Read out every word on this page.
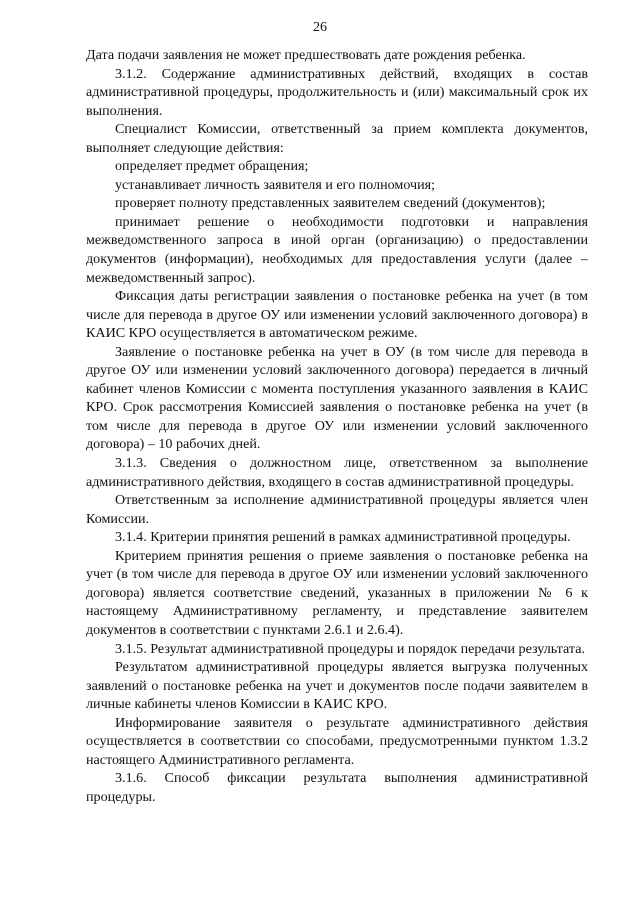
26

Дата подачи заявления не может предшествовать дате рождения ребенка.

3.1.2. Содержание административных действий, входящих в состав административной процедуры, продолжительность и (или) максимальный срок их выполнения.

Специалист Комиссии, ответственный за прием комплекта документов, выполняет следующие действия:

определяет предмет обращения;

устанавливает личность заявителя и его полномочия;

проверяет полноту представленных заявителем сведений (документов);

принимает решение о необходимости подготовки и направления межведомственного запроса в иной орган (организацию) о предоставлении документов (информации), необходимых для предоставления услуги (далее – межведомственный запрос).

Фиксация даты регистрации заявления о постановке ребенка на учет (в том числе для перевода в другое ОУ или изменении условий заключенного договора) в КАИС КРО осуществляется в автоматическом режиме.

Заявление о постановке ребенка на учет в ОУ (в том числе для перевода в другое ОУ или изменении условий заключенного договора) передается в личный кабинет членов Комиссии с момента поступления указанного заявления в КАИС КРО. Срок рассмотрения Комиссией заявления о постановке ребенка на учет (в том числе для перевода в другое ОУ или изменении условий заключенного договора) – 10 рабочих дней.

3.1.3. Сведения о должностном лице, ответственном за выполнение административного действия, входящего в состав административной процедуры.

Ответственным за исполнение административной процедуры является член Комиссии.

3.1.4. Критерии принятия решений в рамках административной процедуры.

Критерием принятия решения о приеме заявления о постановке ребенка на учет (в том числе для перевода в другое ОУ или изменении условий заключенного договора) является соответствие сведений, указанных в приложении № 6 к настоящему Административному регламенту, и представление заявителем документов в соответствии с пунктами 2.6.1 и 2.6.4).

3.1.5. Результат административной процедуры и порядок передачи результата.

Результатом административной процедуры является выгрузка полученных заявлений о постановке ребенка на учет и документов после подачи заявителем в личные кабинеты членов Комиссии в КАИС КРО.

Информирование заявителя о результате административного действия осуществляется в соответствии со способами, предусмотренными пунктом 1.3.2 настоящего Административного регламента.

3.1.6. Способ фиксации результата выполнения административной процедуры.
